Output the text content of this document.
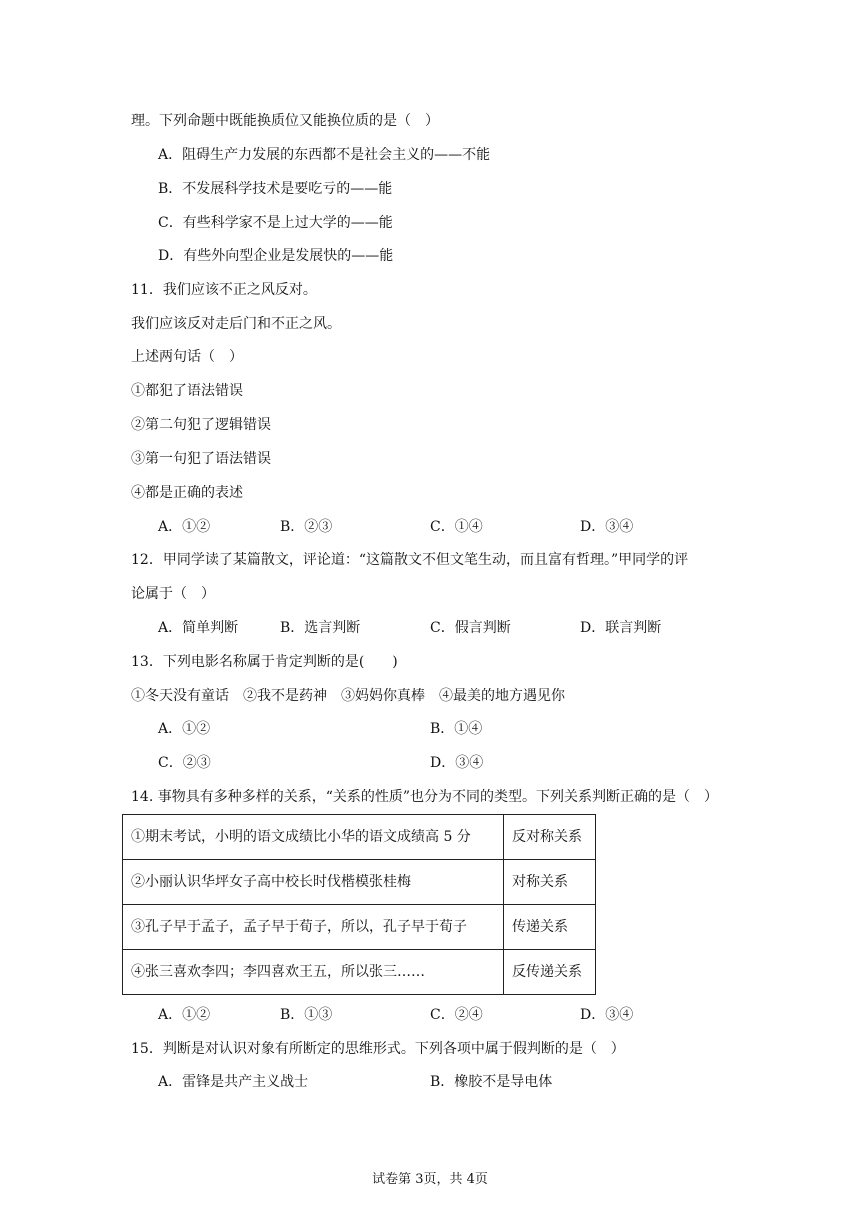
理。下列命题中既能换质位又能换位质的是（　）
A．阻碍生产力发展的东西都不是社会主义的——不能
B．不发展科学技术是要吃亏的——能
C．有些科学家不是上过大学的——能
D．有些外向型企业是发展快的——能
11．我们应该不正之风反对。
我们应该反对走后门和不正之风。
上述两句话（　）
①都犯了语法错误
②第二句犯了逻辑错误
③第一句犯了语法错误
④都是正确的表述
A．①②	B．②③	C．①④	D．③④
12．甲同学读了某篇散文，评论道：“这篇散文不但文笔生动，而且富有哲理。”甲同学的评
论属于（　）
A．简单判断	B．选言判断	C．假言判断	D．联言判断
13．下列电影名称属于肯定判断的是(　　)
①冬天没有童话　②我不是药神　③妈妈你真棒　④最美的地方遇见你
A．①②	B．①④
C．②③	D．③④
14. 事物具有多种多样的关系，“关系的性质”也分为不同的类型。下列关系判断正确的是（　）
①期末考试，小明的语文成绩比小华的语文成绩高 5 分	反对称关系
②小丽认识华坪女子高中校长时伐楷模张桂梅	对称关系
③孔子早于孟子，孟子早于荀子，所以，孔子早于荀子	传递关系
④张三喜欢李四；李四喜欢王五，所以张三……	反传递关系
A．①②	B．①③	C．②④	D．③④
15．判断是对认识对象有所断定的思维形式。下列各项中属于假判断的是（　）
A．雷锋是共产主义战士	B．橡胶不是导电体
试卷第 3页，共 4页
